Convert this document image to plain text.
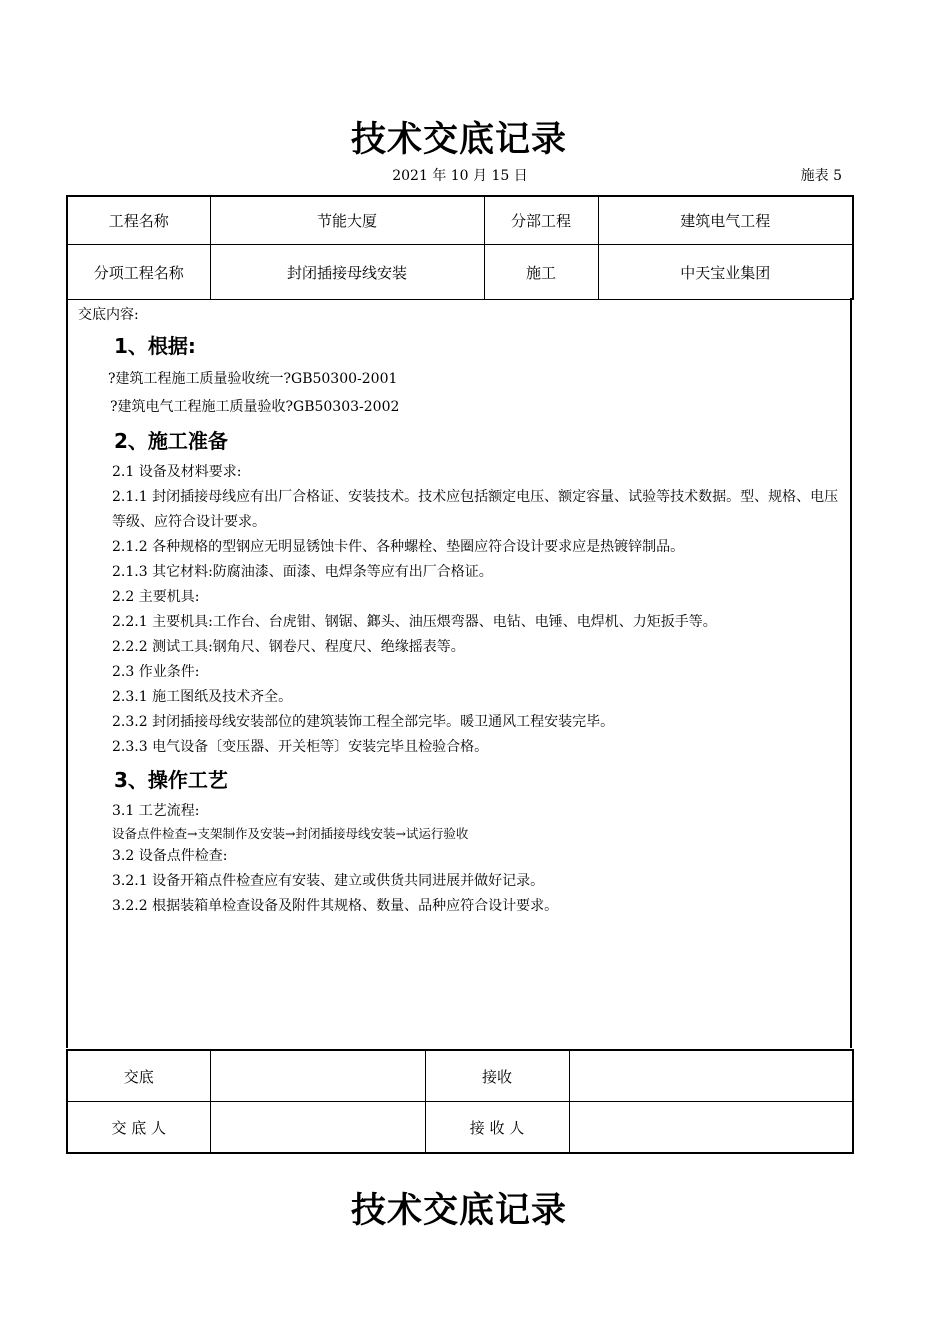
技术交底记录
2021 年 10 月 15 日	施表 5
工程名称	节能大厦	分部工程	建筑电气工程
分项工程名称	封闭插接母线安装	施工	中天宝业集团
交底内容:
1、根据:
?建筑工程施工质量验收统一?GB50300-2001
?建筑电气工程施工质量验收?GB50303-2002
2、施工准备

2.1 设备及材料要求:

2.1.1 封闭插接母线应有出厂合格证、安装技术。技术应包括额定电压、额定容量、试验等技术数据。型、规格、电压等级、应符合设计要求。

2.1.2 各种规格的型钢应无明显锈蚀卡件、各种螺栓、垫圈应符合设计要求应是热镀锌制品。

2.1.3 其它材料:防腐油漆、面漆、电焊条等应有出厂合格证。

2.2 主要机具:

2.2.1 主要机具:工作台、台虎钳、钢锯、鎯头、油压煨弯器、电钻、电锤、电焊机、力矩扳手等。

2.2.2 测试工具:钢角尺、钢卷尺、程度尺、绝缘摇表等。

2.3 作业条件:

2.3.1 施工图纸及技术齐全。

2.3.2 封闭插接母线安装部位的建筑装饰工程全部完毕。暖卫通风工程安装完毕。

2.3.3 电气设备〔变压器、开关柜等〕安装完毕且检验合格。

3、操作工艺

3.1 工艺流程:

设备点件检查→支架制作及安装→封闭插接母线安装→试运行验收

3.2 设备点件检查:

3.2.1 设备开箱点件检查应有安装、建立或供货共同进展并做好记录。

3.2.2 根据装箱单检查设备及附件其规格、数量、品种应符合设计要求。

交底		接收	
交 底 人		接 收 人	
技术交底记录
